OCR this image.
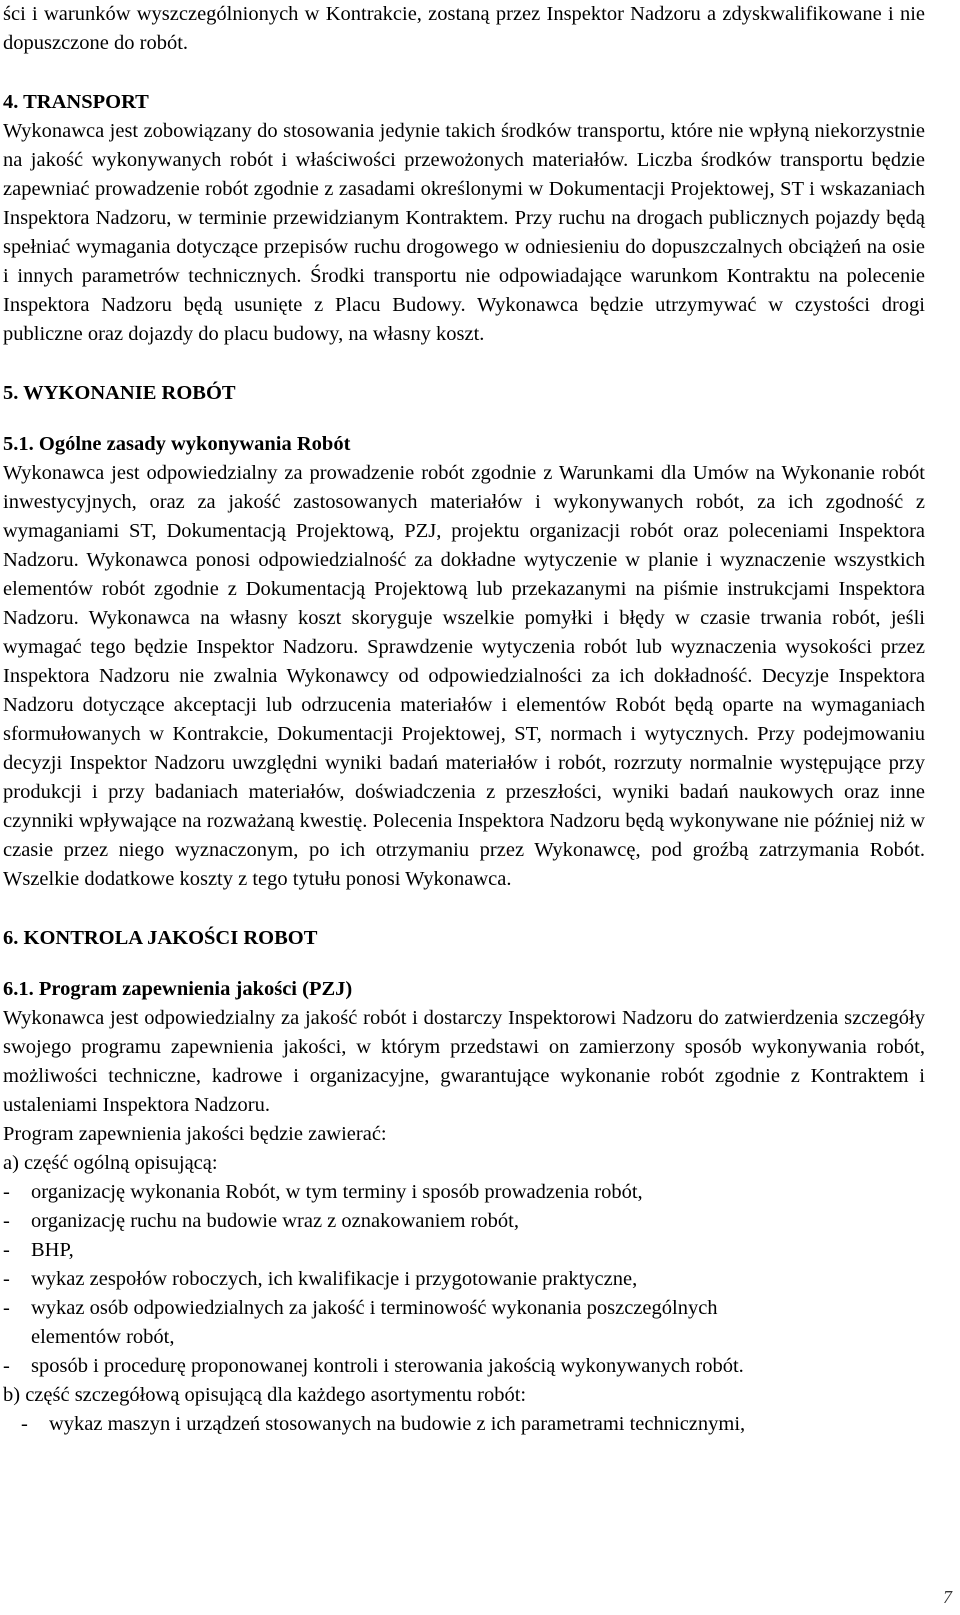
ści i warunków wyszczególnionych w Kontrakcie, zostaną przez Inspektor Nadzoru a zdyskwalifikowane i nie dopuszczone do robót.

4. TRANSPORT

Wykonawca jest zobowiązany do stosowania jedynie takich środków transportu, które nie wpłyną niekorzystnie na jakość wykonywanych robót i właściwości przewożonych materiałów. Liczba środków transportu będzie zapewniać prowadzenie robót zgodnie z zasadami określonymi w Dokumentacji Projektowej, ST i wskazaniach Inspektora Nadzoru, w terminie przewidzianym Kontraktem. Przy ruchu na drogach publicznych pojazdy będą spełniać wymagania dotyczące przepisów ruchu drogowego w odniesieniu do dopuszczalnych obciążeń na osie i innych parametrów technicznych. Środki transportu nie odpowiadające warunkom Kontraktu na polecenie Inspektora Nadzoru będą usunięte z Placu Budowy. Wykonawca będzie utrzymywać w czystości drogi publiczne oraz dojazdy do placu budowy, na własny koszt.

5. WYKONANIE ROBÓT

5.1. Ogólne zasady wykonywania Robót

Wykonawca jest odpowiedzialny za prowadzenie robót zgodnie z Warunkami dla Umów na Wykonanie robót inwestycyjnych, oraz za jakość zastosowanych materiałów i wykonywanych robót, za ich zgodność z wymaganiami ST, Dokumentacją Projektową, PZJ, projektu organizacji robót oraz poleceniami Inspektora Nadzoru. Wykonawca ponosi odpowiedzialność za dokładne wytyczenie w planie i wyznaczenie wszystkich elementów robót zgodnie z Dokumentacją Projektową lub przekazanymi na piśmie instrukcjami Inspektora Nadzoru. Wykonawca na własny koszt skoryguje wszelkie pomyłki i błędy w czasie trwania robót, jeśli wymagać tego będzie Inspektor Nadzoru. Sprawdzenie wytyczenia robót lub wyznaczenia wysokości przez Inspektora Nadzoru nie zwalnia Wykonawcy od odpowiedzialności za ich dokładność. Decyzje Inspektora Nadzoru dotyczące akceptacji lub odrzucenia materiałów i elementów Robót będą oparte na wymaganiach sformułowanych w Kontrakcie, Dokumentacji Projektowej, ST, normach i wytycznych. Przy podejmowaniu decyzji Inspektor Nadzoru uwzględni wyniki badań materiałów i robót, rozrzuty normalnie występujące przy produkcji i przy badaniach materiałów, doświadczenia z przeszłości, wyniki badań naukowych oraz inne czynniki wpływające na rozważaną kwestię. Polecenia Inspektora Nadzoru będą wykonywane nie później niż w czasie przez niego wyznaczonym, po ich otrzymaniu przez Wykonawcę, pod groźbą zatrzymania Robót. Wszelkie dodatkowe koszty z tego tytułu ponosi Wykonawca.

6. KONTROLA JAKOŚCI ROBOT

6.1. Program zapewnienia jakości (PZJ)

Wykonawca jest odpowiedzialny za jakość robót i dostarczy Inspektorowi Nadzoru do zatwierdzenia szczegóły swojego programu zapewnienia jakości, w którym przedstawi on zamierzony sposób wykonywania robót, możliwości techniczne, kadrowe i organizacyjne, gwarantujące wykonanie robót zgodnie z Kontraktem i ustaleniami Inspektora Nadzoru.

Program zapewnienia jakości będzie zawierać:

a) część ogólną opisującą:

- organizację wykonania Robót, w tym terminy i sposób prowadzenia robót,

- organizację ruchu na budowie wraz z oznakowaniem robót,

- BHP,

- wykaz zespołów roboczych, ich kwalifikacje i przygotowanie praktyczne,

- wykaz osób odpowiedzialnych za jakość i terminowość wykonania poszczególnych elementów robót,

- sposób i procedurę proponowanej kontroli i sterowania jakością wykonywanych robót.

b) część szczegółową opisującą dla każdego asortymentu robót:

- wykaz maszyn i urządzeń stosowanych na budowie z ich parametrami technicznymi,

7
